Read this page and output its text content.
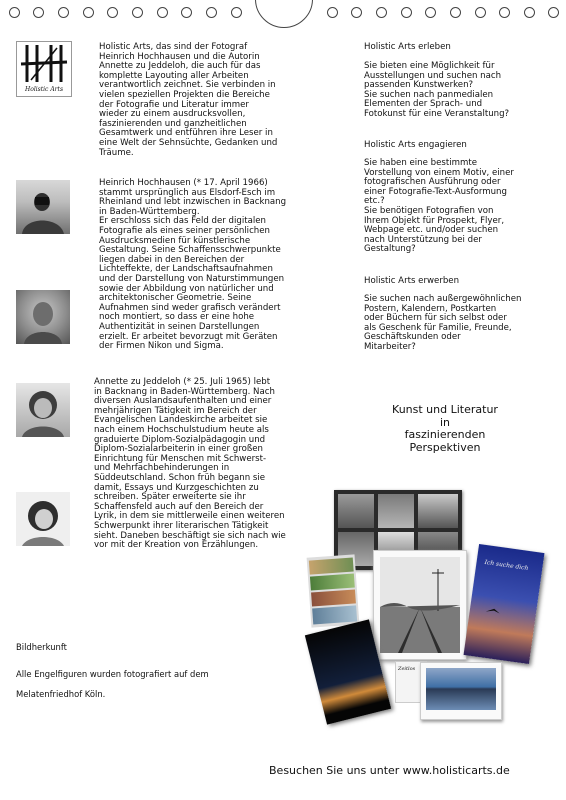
Holistic Arts

Holistic Arts, das sind der Fotograf
Heinrich Hochhausen und die Autorin
Annette zu Jeddeloh, die auch für das
komplette Layouting aller Arbeiten
verantwortlich zeichnet. Sie verbinden in
vielen speziellen Projekten die Bereiche
der Fotografie und Literatur immer
wieder zu einem ausdrucksvollen,
faszinierenden und ganzheitlichen
Gesamtwerk und entführen ihre Leser in
eine Welt der Sehnsüchte, Gedanken und
Träume.

Heinrich Hochhausen (* 17. April 1966)
stammt ursprünglich aus Elsdorf-Esch im
Rheinland und lebt inzwischen in Backnang
in Baden-Württemberg.
Er erschloss sich das Feld der digitalen
Fotografie als eines seiner persönlichen
Ausdrucksmedien für künstlerische
Gestaltung. Seine Schaffensschwerpunkte
liegen dabei in den Bereichen der
Lichteffekte, der Landschaftsaufnahmen
und der Darstellung von Naturstimmungen
sowie der Abbildung von natürlicher und
architektonischer Geometrie. Seine
Aufnahmen sind weder grafisch verändert
noch montiert, so dass er eine hohe
Authentizität in seinen Darstellungen
erzielt. Er arbeitet bevorzugt mit Geräten
der Firmen Nikon und Sigma.

Annette zu Jeddeloh (* 25. Juli 1965) lebt
in Backnang in Baden-Württemberg. Nach
diversen Auslandsaufenthalten und einer
mehrjährigen Tätigkeit im Bereich der
Evangelischen Landeskirche arbeitet sie
nach einem Hochschulstudium heute als
graduierte Diplom-Sozialpädagogin und
Diplom-Sozialarbeiterin in einer großen
Einrichtung für Menschen mit Schwerst-
und Mehrfachbehinderungen in
Süddeutschland. Schon früh begann sie
damit, Essays und Kurzgeschichten zu
schreiben. Später erweiterte sie ihr
Schaffensfeld auch auf den Bereich der
Lyrik, in dem sie mittlerweile einen weiteren
Schwerpunkt ihrer literarischen Tätigkeit
sieht. Daneben beschäftigt sie sich nach wie
vor mit der Kreation von Erzählungen.

Holistic Arts erleben

Sie bieten eine Möglichkeit für
Ausstellungen und suchen nach
passenden Kunstwerken?
Sie suchen nach panmedialen
Elementen der Sprach- und
Fotokunst für eine Veranstaltung?

Holistic Arts engagieren

Sie haben eine bestimmte
Vorstellung von einem Motiv, einer
fotografischen Ausführung oder
einer Fotografie-Text-Ausformung
etc.?
Sie benötigen Fotografien von
Ihrem Objekt für Prospekt, Flyer,
Webpage etc. und/oder suchen
nach Unterstützung bei der
Gestaltung?

Holistic Arts erwerben

Sie suchen nach außergewöhnlichen
Postern, Kalendern, Postkarten
oder Büchern für sich selbst oder
als Geschenk für Familie, Freunde,
Geschäftskunden oder
Mitarbeiter?

Kunst und Literatur
in
faszinierenden
Perspektiven
Ich suche dich
Zeitlos

Bildherkunft

Alle Engelfiguren wurden fotografiert auf dem

Melatenfriedhof Köln.

Besuchen Sie uns unter www.holisticarts.de
